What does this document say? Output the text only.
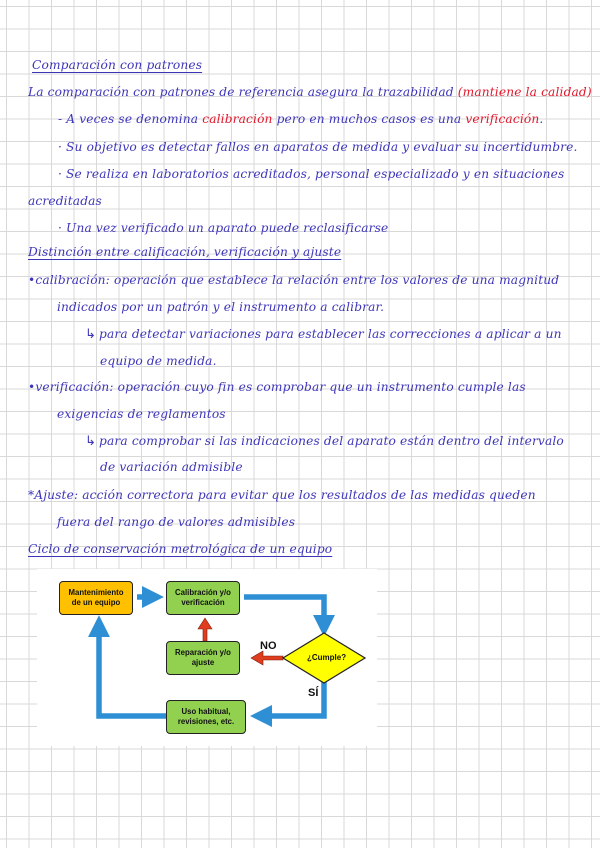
Comparación con patrones
La comparación con patrones de referencia asegura la trazabilidad (mantiene la calidad)
- A veces se denomina calibración pero en muchos casos es una verificación.
· Su objetivo es detectar fallos en aparatos de medida y evaluar su incertidumbre.
· Se realiza en laboratorios acreditados, personal especializado y en situaciones
acreditadas
· Una vez verificado un aparato puede reclasificarse
Distinción entre calificación, verificación y ajuste
•calibración: operación que establece la relación entre los valores de una magnitud
indicados por un patrón y el instrumento a calibrar.
↳ para detectar variaciones para establecer las correcciones a aplicar a un
equipo de medida.
•verificación: operación cuyo fin es comprobar que un instrumento cumple las
exigencias de reglamentos
↳ para comprobar si las indicaciones del aparato están dentro del intervalo
de variación admisible
*Ajuste: acción correctora para evitar que los resultados de las medidas queden
fuera del rango de valores admisibles
Ciclo de conservación metrológica de un equipo
Mantenimiento de un equipo
Calibración y/o verificación
Reparación y/o ajuste
Uso habitual, revisiones, etc.
¿Cumple?
NO
SÍ
